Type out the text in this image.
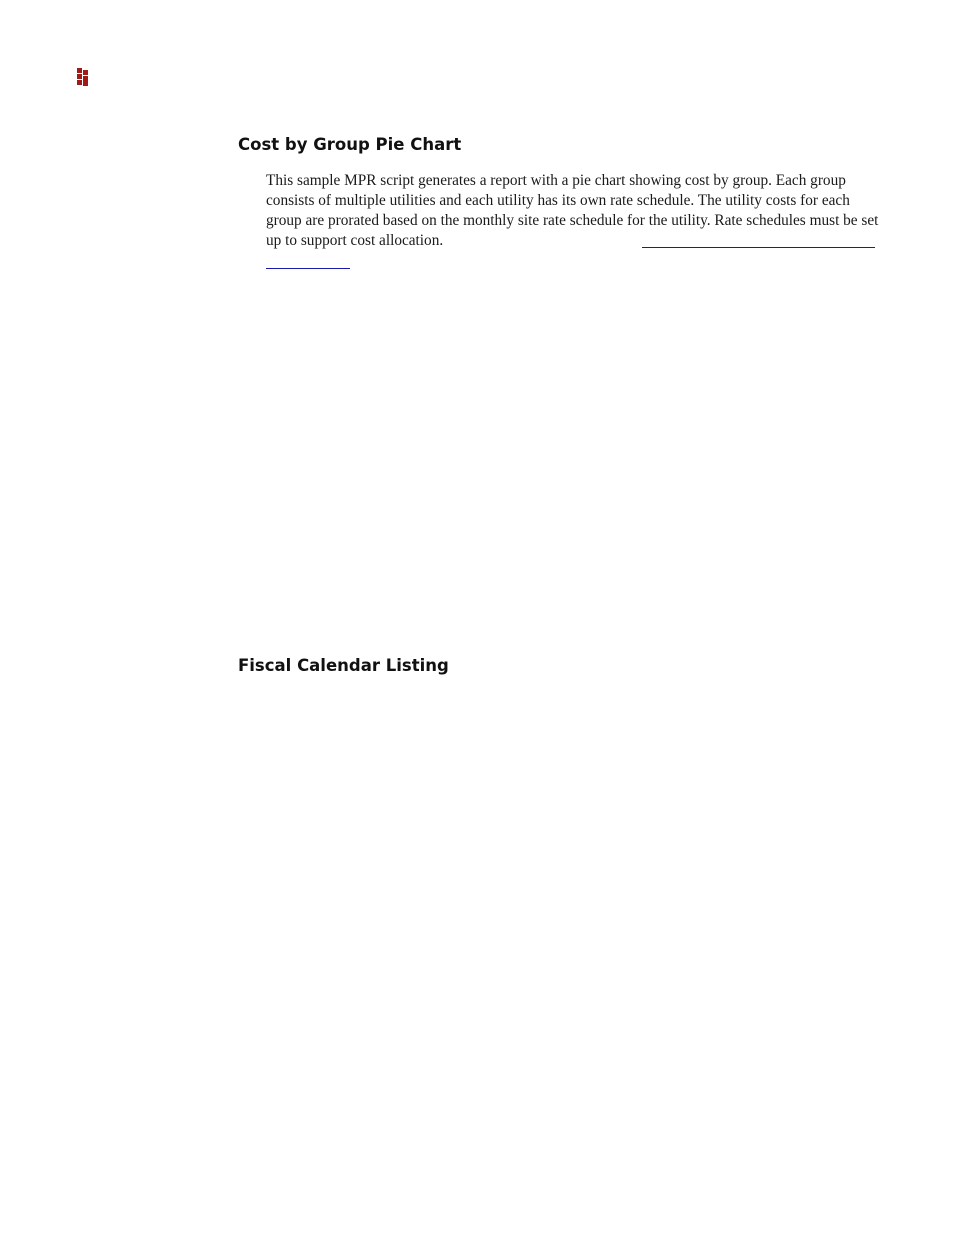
Cost by Group Pie Chart

This sample MPR script generates a report with a pie chart showing cost by group. Each group consists of multiple utilities and each utility has its own rate schedule. The utility costs for each group are prorated based on the monthly site rate schedule for the utility. Rate schedules must be set up to support cost allocation.

Fiscal Calendar Listing
